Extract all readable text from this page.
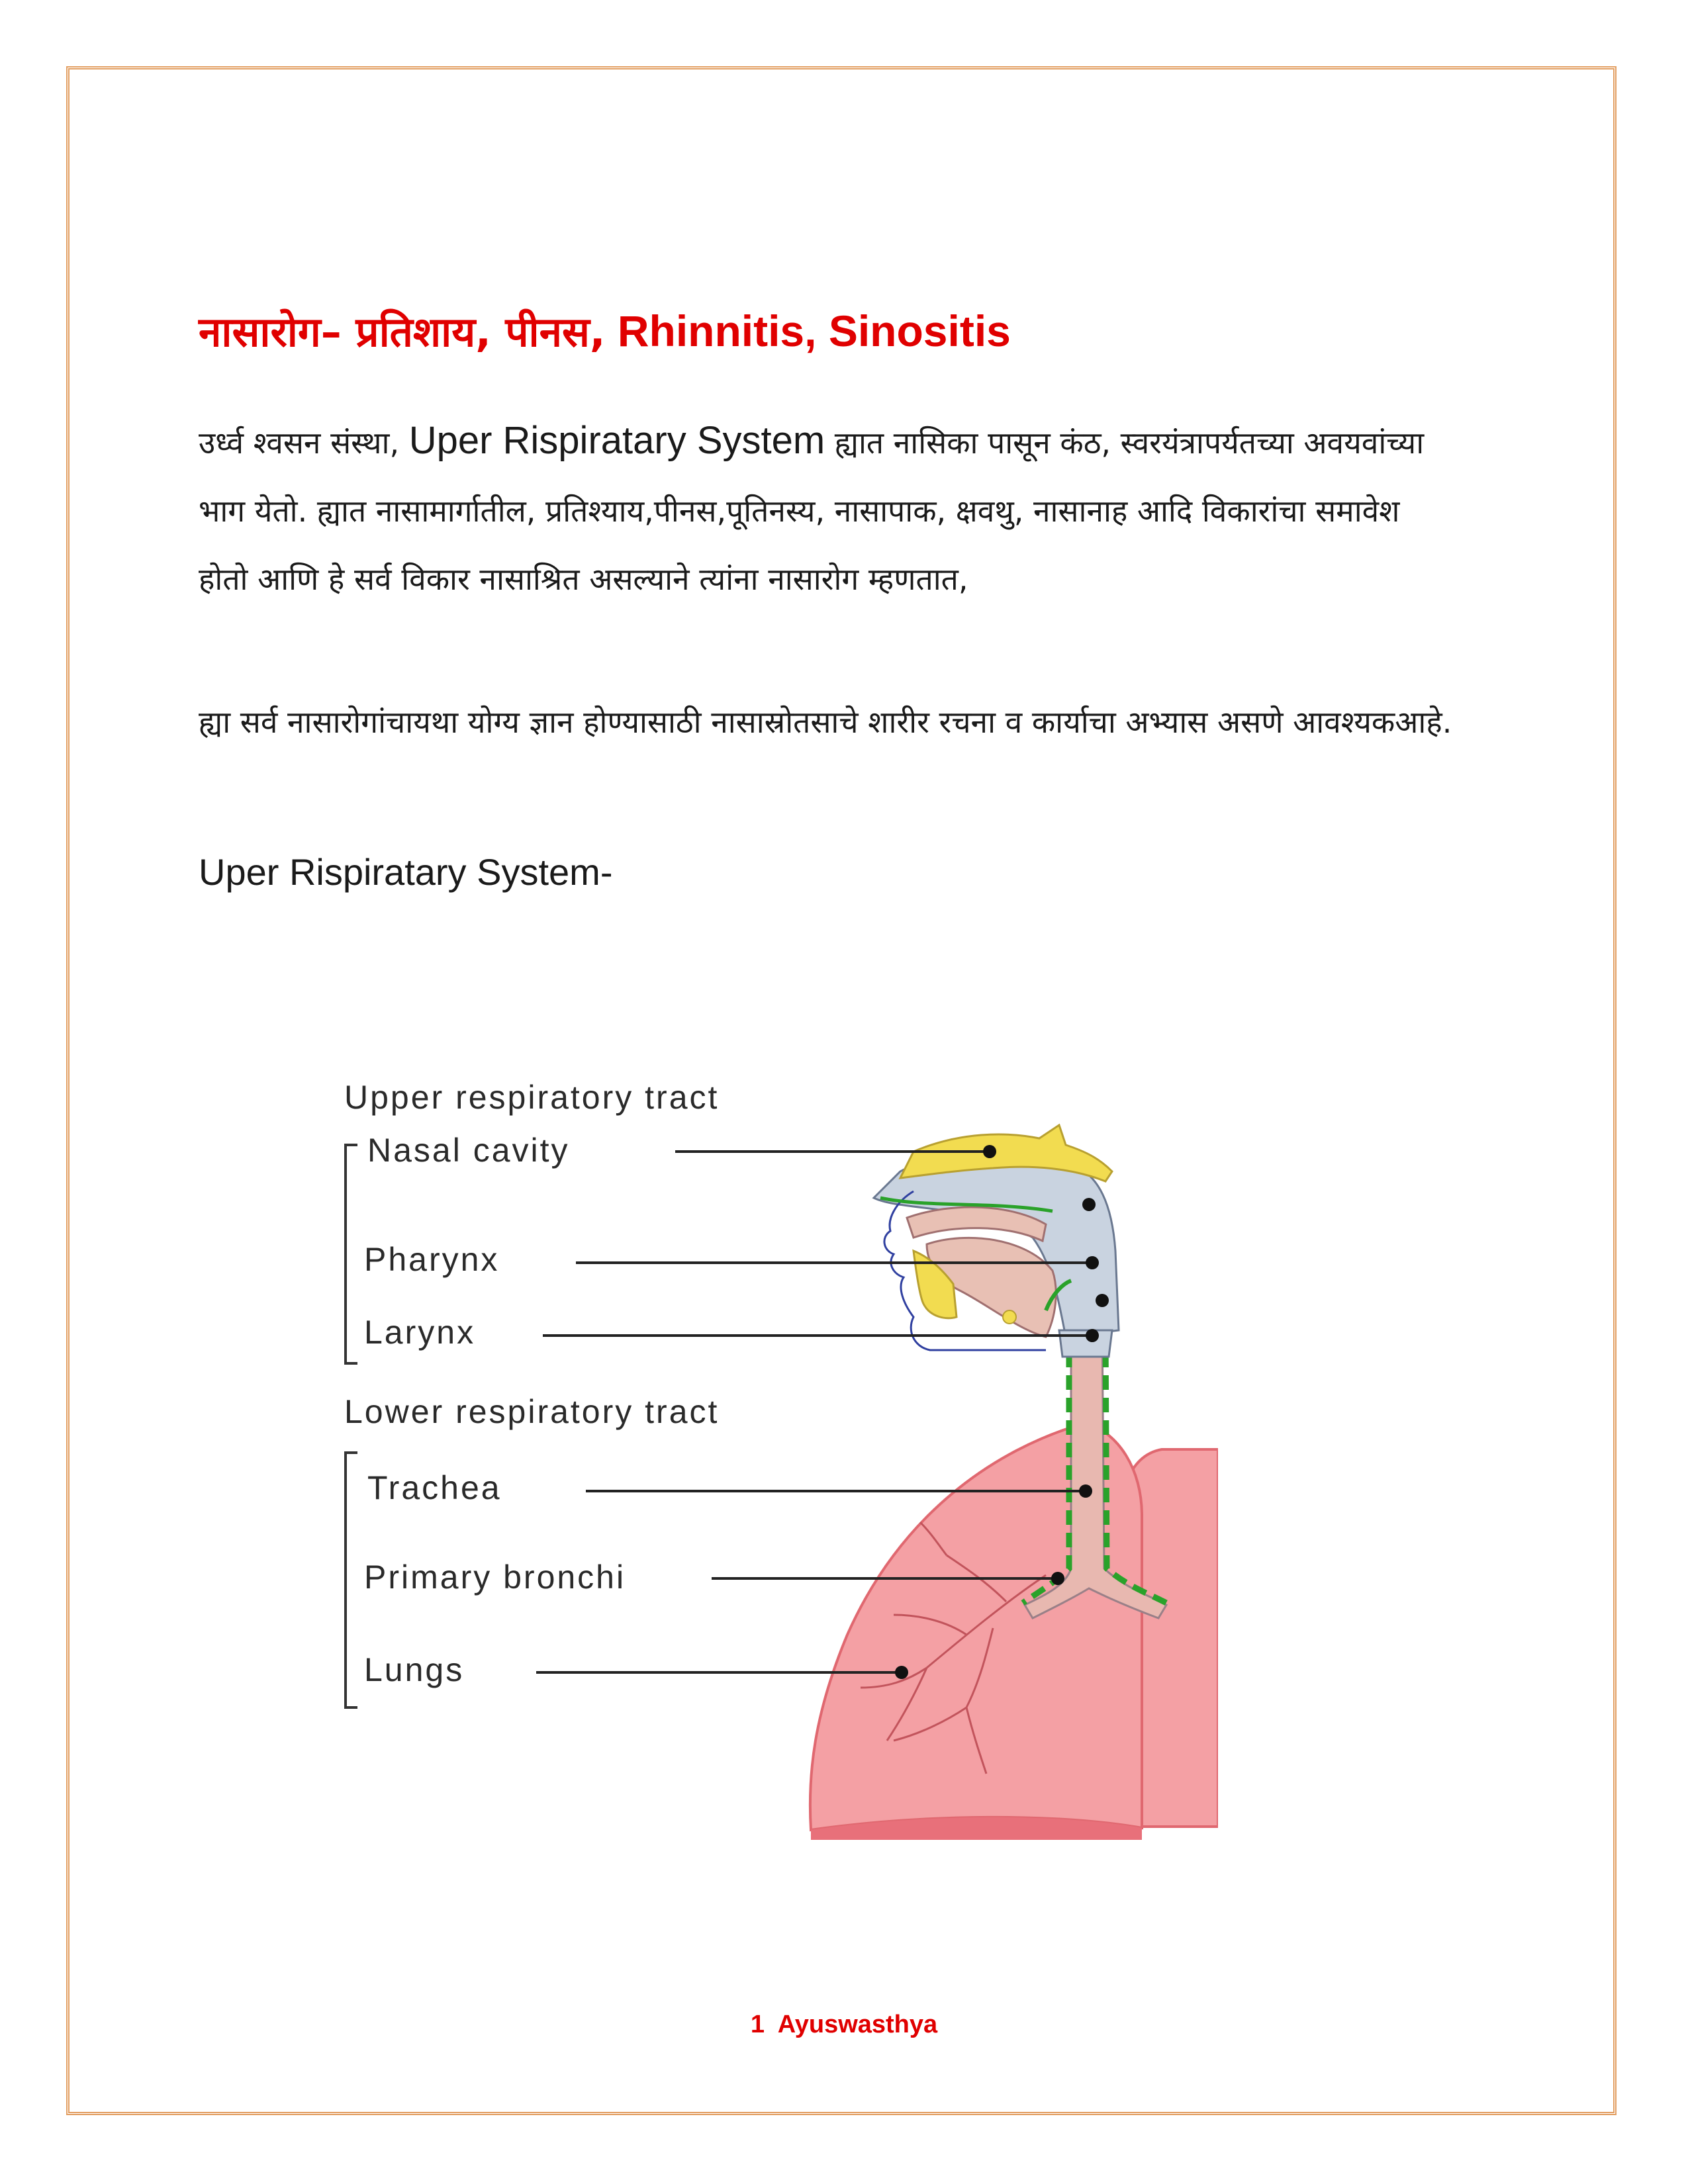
नासारोग– प्रतिशाय, पीनस, Rhinnitis, Sinositis

उर्ध्व श्वसन संस्था, Uper Rispiratary System ह्यात नासिका पासून कंठ, स्वरयंत्रापर्यतच्या अवयवांच्या भाग येतो. ह्यात नासामार्गातील, प्रतिश्याय,पीनस,पूतिनस्य, नासापाक, क्षवथु, नासानाह आदि विकारांचा समावेश होतो आणि हे सर्व विकार नासाश्रित असल्याने त्यांना नासारोग म्हणतात,

ह्या सर्व नासारोगांचायथा योग्य ज्ञान होण्यासाठी नासास्रोतसाचे शारीर रचना व कार्याचा अभ्यास असणे आवश्यकआहे.

Uper Rispiratary System-
Upper respiratory tract
Lower respiratory tract
Nasal cavity
Pharynx
Larynx
Trachea
Primary bronchi
Lungs
1 Ayuswasthya
